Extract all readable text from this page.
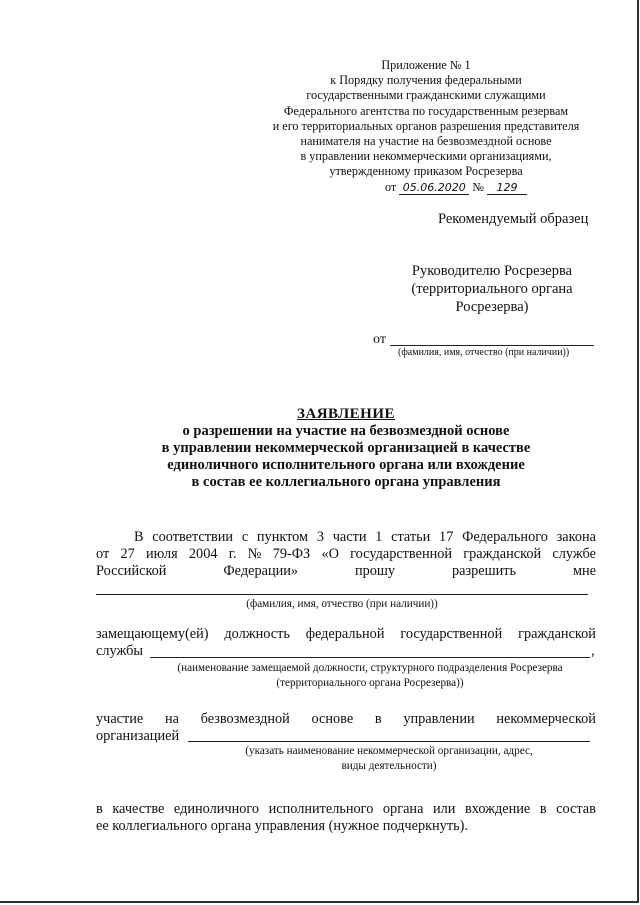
Приложение № 1
к Порядку получения федеральными
государственными гражданскими служащими
Федерального агентства по государственным резервам
и его территориальных органов разрешения представителя
нанимателя на участие на безвозмездной основе
в управлении некоммерческими организациями,
утвержденному приказом Росрезерва
от 05.06.2020 № 129
Рекомендуемый образец
Руководителю Росрезерва
(территориального органа
Росрезерва)
от
(фамилия, имя, отчество (при наличии))
ЗАЯВЛЕНИЕ
о разрешении на участие на безвозмездной основе
в управлении некоммерческой организацией в качестве
единоличного исполнительного органа или вхождение
в состав ее коллегиального органа управления
В соответствии с пунктом 3 части 1 статьи 17 Федерального закона
от 27 июля 2004 г. № 79-ФЗ «О государственной гражданской службе
Российской	Федерации»	прошу	разрешить	мне
(фамилия, имя, отчество (при наличии))
замещающему(ей) должность федеральной государственной гражданской
службы	,
(наименование замещаемой должности, структурного подразделения Росрезерва
(территориального органа Росрезерва))
участие на безвозмездной основе в управлении некоммерческой
организацией
(указать наименование некоммерческой организации, адрес,
виды деятельности)
в качестве единоличного исполнительного органа или вхождение в состав
ее коллегиального органа управления (нужное подчеркнуть).
